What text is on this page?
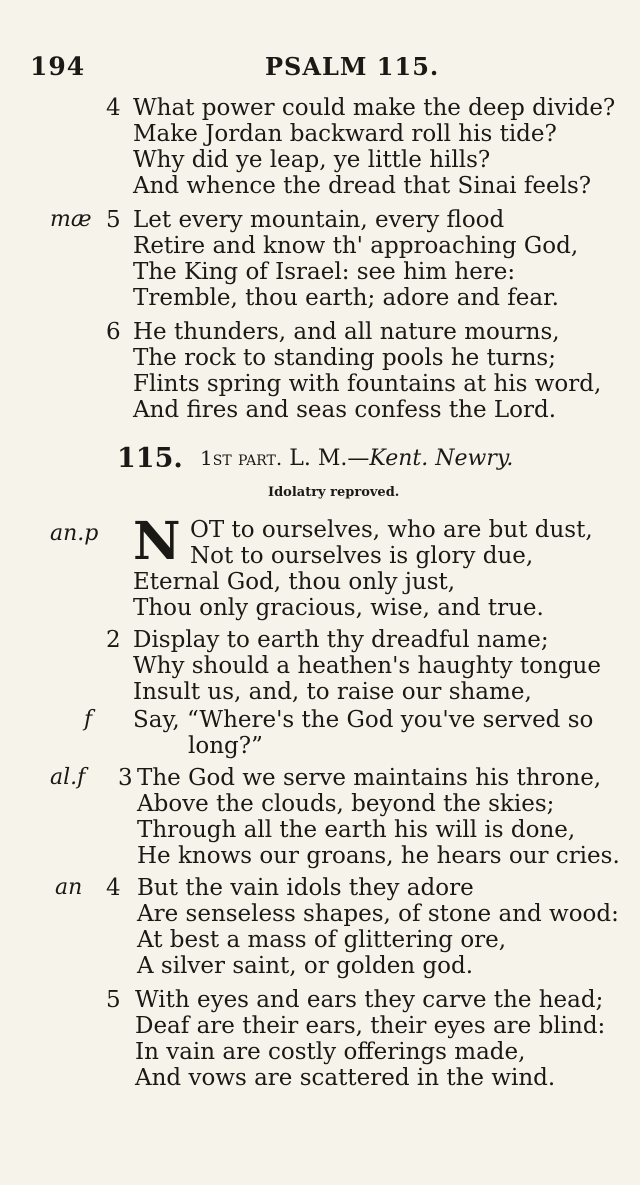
194	PSALM 115.
4 What power could make the deep divide?
Make Jordan backward roll his tide?
Why did ye leap, ye little hills?
And whence the dread that Sinai feels?
mæ 5 Let every mountain, every flood
Retire and know th' approaching God,
The King of Israel: see him here:
Tremble, thou earth; adore and fear.
6 He thunders, and all nature mourns,
The rock to standing pools he turns;
Flints spring with fountains at his word,
And fires and seas confess the Lord.
115. 1st part. L. M.—Kent. Newry.
Idolatry reproved.
an.p N OT to ourselves, who are but dust,
Not to ourselves is glory due,
Eternal God, thou only just,
Thou only gracious, wise, and true.
2 Display to earth thy dreadful name;
Why should a heathen's haughty tongue
Insult us, and, to raise our shame,
f Say, “Where's the God you've served so
long?”
al.f 3 The God we serve maintains his throne,
Above the clouds, beyond the skies;
Through all the earth his will is done,
He knows our groans, he hears our cries.
an 4 But the vain idols they adore
Are senseless shapes, of stone and wood:
At best a mass of glittering ore,
A silver saint, or golden god.
5 With eyes and ears they carve the head;
Deaf are their ears, their eyes are blind:
In vain are costly offerings made,
And vows are scattered in the wind.
